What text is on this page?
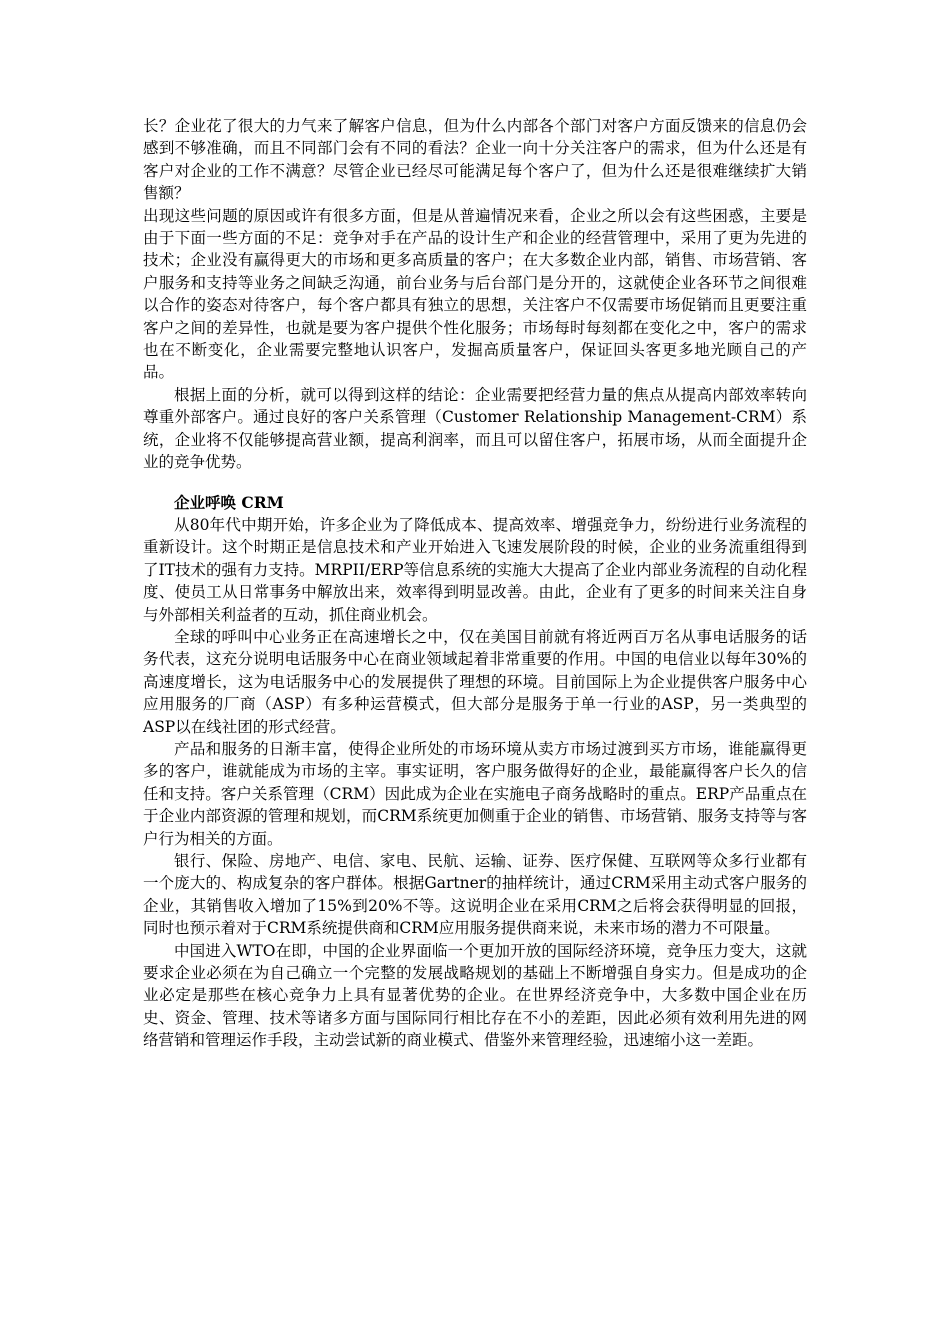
长？企业花了很大的力气来了解客户信息，但为什么内部各个部门对客户方面反馈来的信息仍会感到不够准确，而且不同部门会有不同的看法？企业一向十分关注客户的需求，但为什么还是有客户对企业的工作不满意？尽管企业已经尽可能满足每个客户了，但为什么还是很难继续扩大销售额？

出现这些问题的原因或许有很多方面，但是从普遍情况来看，企业之所以会有这些困惑，主要是由于下面一些方面的不足：竞争对手在产品的设计生产和企业的经营管理中，采用了更为先进的技术；企业没有赢得更大的市场和更多高质量的客户；在大多数企业内部，销售、市场营销、客户服务和支持等业务之间缺乏沟通，前台业务与后台部门是分开的，这就使企业各环节之间很难以合作的姿态对待客户，每个客户都具有独立的思想，关注客户不仅需要市场促销而且更要注重客户之间的差异性，也就是要为客户提供个性化服务；市场每时每刻都在变化之中，客户的需求也在不断变化，企业需要完整地认识客户，发掘高质量客户，保证回头客更多地光顾自己的产品。

根据上面的分析，就可以得到这样的结论：企业需要把经营力量的焦点从提高内部效率转向尊重外部客户。通过良好的客户关系管理（Customer Relationship Management-CRM）系统，企业将不仅能够提高营业额，提高利润率，而且可以留住客户，拓展市场，从而全面提升企业的竞争优势。

企业呼唤 CRM

从80年代中期开始，许多企业为了降低成本、提高效率、增强竞争力，纷纷进行业务流程的重新设计。这个时期正是信息技术和产业开始进入飞速发展阶段的时候，企业的业务流重组得到了IT技术的强有力支持。MRPII/ERP等信息系统的实施大大提高了企业内部业务流程的自动化程度、使员工从日常事务中解放出来，效率得到明显改善。由此，企业有了更多的时间来关注自身与外部相关利益者的互动，抓住商业机会。

全球的呼叫中心业务正在高速增长之中，仅在美国目前就有将近两百万名从事电话服务的话务代表，这充分说明电话服务中心在商业领域起着非常重要的作用。中国的电信业以每年30%的高速度增长，这为电话服务中心的发展提供了理想的环境。目前国际上为企业提供客户服务中心应用服务的厂商（ASP）有多种运营模式，但大部分是服务于单一行业的ASP，另一类典型的ASP以在线社团的形式经营。

产品和服务的日渐丰富，使得企业所处的市场环境从卖方市场过渡到买方市场，谁能赢得更多的客户，谁就能成为市场的主宰。事实证明，客户服务做得好的企业，最能赢得客户长久的信任和支持。客户关系管理（CRM）因此成为企业在实施电子商务战略时的重点。ERP产品重点在于企业内部资源的管理和规划，而CRM系统更加侧重于企业的销售、市场营销、服务支持等与客户行为相关的方面。

银行、保险、房地产、电信、家电、民航、运输、证券、医疗保健、互联网等众多行业都有一个庞大的、构成复杂的客户群体。根据Gartner的抽样统计，通过CRM采用主动式客户服务的企业，其销售收入增加了15%到20%不等。这说明企业在采用CRM之后将会获得明显的回报，同时也预示着对于CRM系统提供商和CRM应用服务提供商来说，未来市场的潜力不可限量。

中国进入WTO在即，中国的企业界面临一个更加开放的国际经济环境，竞争压力变大，这就要求企业必须在为自己确立一个完整的发展战略规划的基础上不断增强自身实力。但是成功的企业必定是那些在核心竞争力上具有显著优势的企业。在世界经济竞争中，大多数中国企业在历史、资金、管理、技术等诸多方面与国际同行相比存在不小的差距，因此必须有效利用先进的网络营销和管理运作手段，主动尝试新的商业模式、借鉴外来管理经验，迅速缩小这一差距。
